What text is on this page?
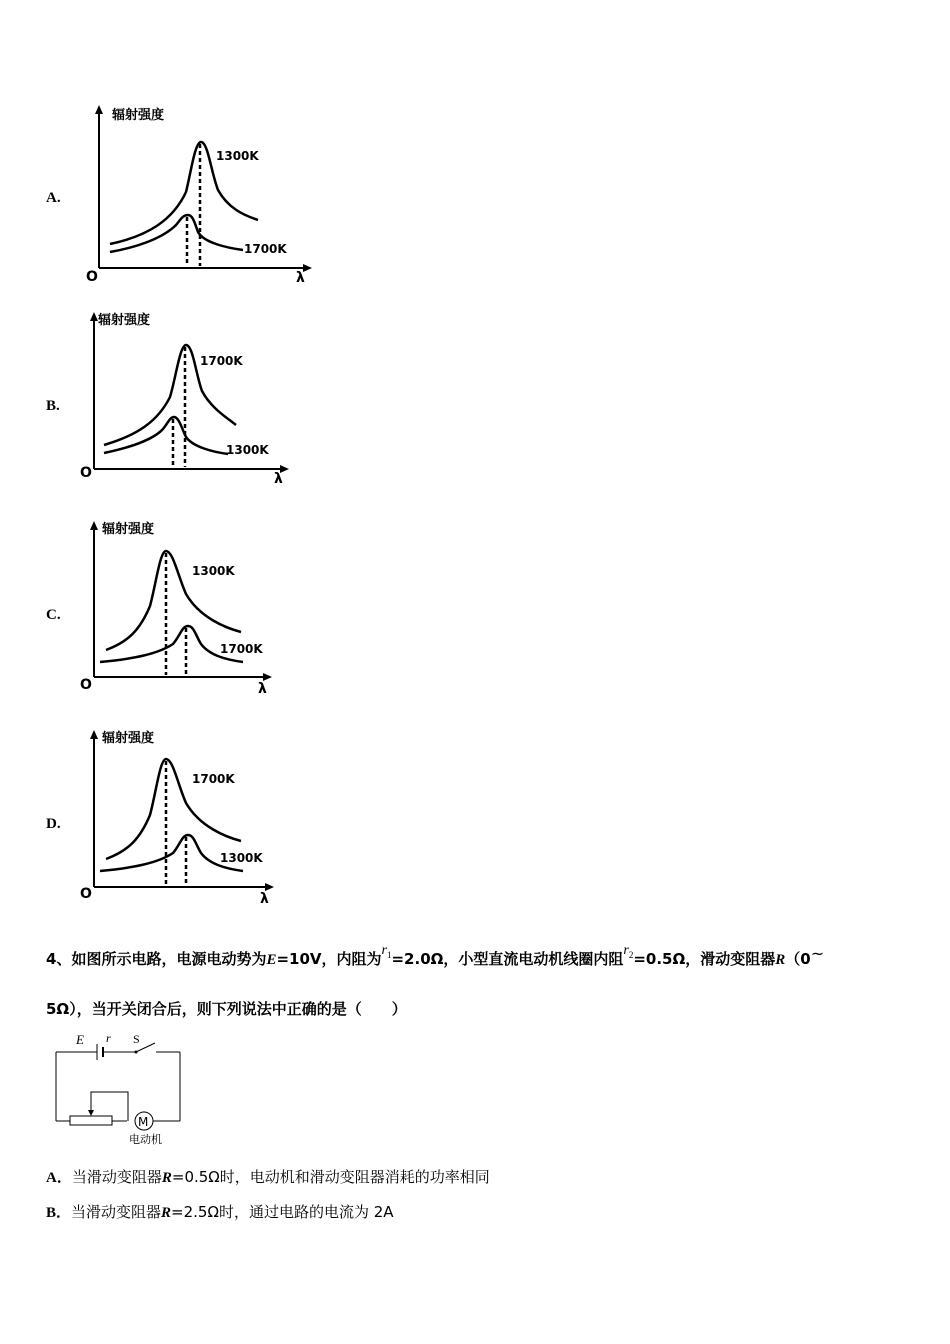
A.
辐射强度
O	λ
1300K
1700K
B.
辐射强度
O	λ
1700K
1300K
C.
辐射强度
O	λ
1300K
1700K
D.
辐射强度
O	λ
1700K
1300K
4、如图所示电路，电源电动势为E=10V，内阻为$r_1=2.0\Omega$，小型直流电动机线圈内阻$r_2=0.5\Omega$，滑动变阻器R（0~
5Ω），当开关闭合后，则下列说法中正确的是（　　）
E r S
M
电动机
A．当滑动变阻器R=0.5Ω时，电动机和滑动变阻器消耗的功率相同
B．当滑动变阻器R=2.5Ω时，通过电路的电流为 2A
